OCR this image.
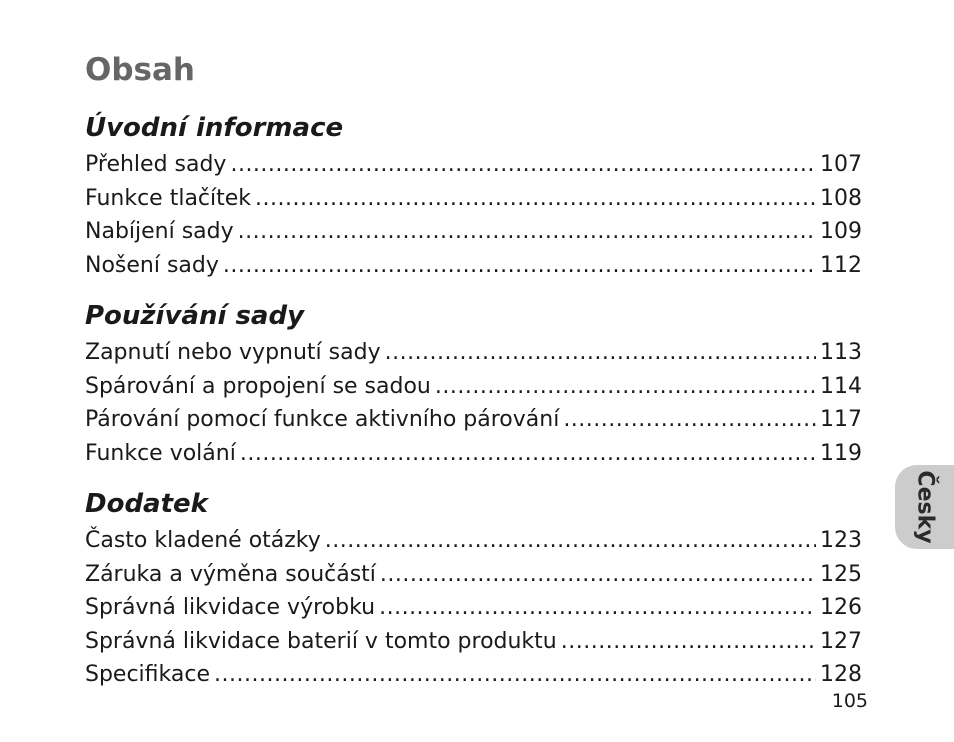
Obsah
Úvodní informace
Přehled sady .....	107
Funkce tlačítek .....	108
Nabíjení sady .....	109
Nošení sady .....	112
Používání sady
Zapnutí nebo vypnutí sady .....	113
Spárování a propojení se sadou .....	114
Párování pomocí funkce aktivního párování .....	117
Funkce volání .....	119
Dodatek
Často kladené otázky .....	123
Záruka a výměna součástí .....	125
Správná likvidace výrobku .....	126
Správná likvidace baterií v tomto produktu .....	127
Specifikace .....	128
Česky
105
